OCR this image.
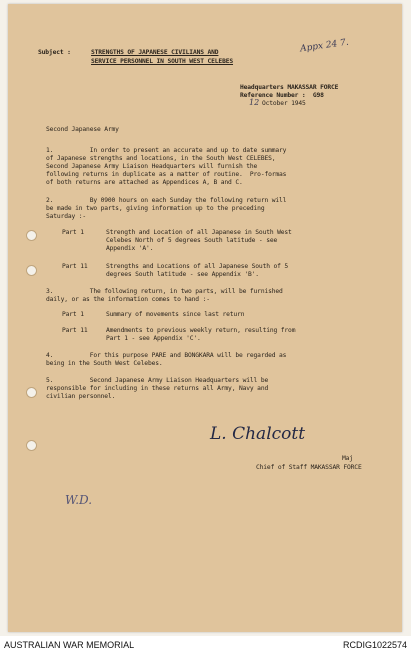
Subject :	STRENGTHS OF JAPANESE CIVILIANS AND
SERVICE PERSONNEL IN SOUTH WEST CELEBES
Appx 24 7.
Headquarters MAKASSAR FORCE
Reference Number :  G98
12 October 1945
Second Japanese Army
1.          In order to present an accurate and up to date summary
of Japanese strengths and locations, in the South West CELEBES,
Second Japanese Army Liaison Headquarters will furnish the
following returns in duplicate as a matter of routine.  Pro-formas
of both returns are attached as Appendices A, B and C.
2.          By 0900 hours on each Sunday the following return will
be made in two parts, giving information up to the preceding
Saturday :-
Part 1	Strength and Location of all Japanese in South West
Celebes North of 5 degrees South latitude - see
Appendix 'A'.
Part 11	Strengths and Locations of all Japanese South of 5
degrees South latitude - see Appendix 'B'.
3.          The following return, in two parts, will be furnished
daily, or as the information comes to hand :-
Part 1	Summary of movements since last return
Part 11	Amendments to previous weekly return, resulting from
Part 1 - see Appendix 'C'.
4.          For this purpose PARE and BONGKARA will be regarded as
being in the South West Celebes.
5.          Second Japanese Army Liaison Headquarters will be
responsible for including in these returns all Army, Navy and
civilian personnel.
L. Chalcott
Maj
Chief of Staff MAKASSAR FORCE
W.D.
AUSTRALIAN WAR MEMORIAL	RCDIG1022574
